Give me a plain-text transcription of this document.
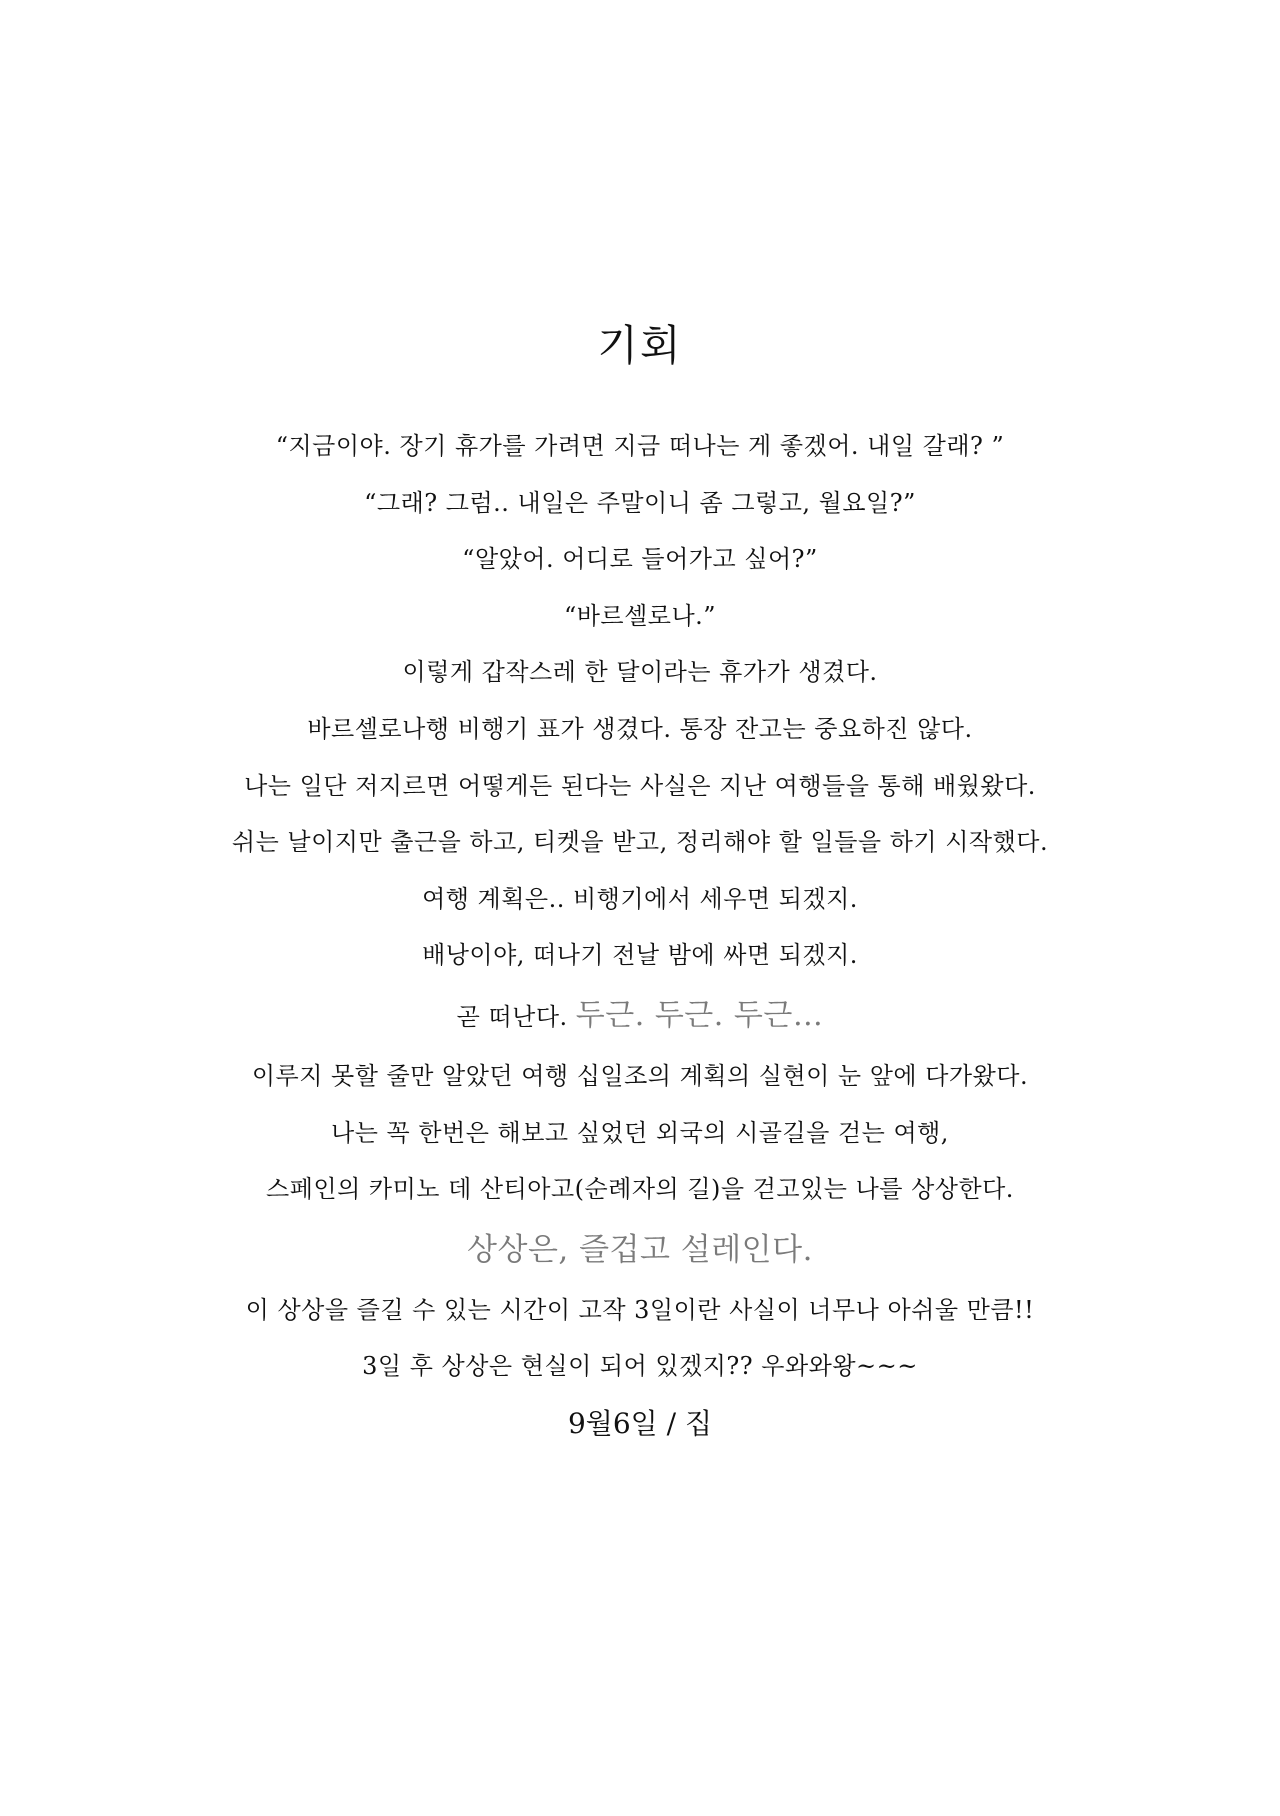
기회
“지금이야. 장기 휴가를 가려면 지금 떠나는 게 좋겠어. 내일 갈래? ”
“그래? 그럼.. 내일은 주말이니 좀 그렇고, 월요일?”
“알았어. 어디로 들어가고 싶어?”
“바르셀로나.”
이렇게 갑작스레 한 달이라는 휴가가 생겼다.
바르셀로나행 비행기 표가 생겼다. 통장 잔고는 중요하진 않다.
나는 일단 저지르면 어떻게든 된다는 사실은 지난 여행들을 통해 배웠왔다.
쉬는 날이지만 출근을 하고, 티켓을 받고, 정리해야 할 일들을 하기 시작했다.
여행 계획은.. 비행기에서 세우면 되겠지.
배낭이야, 떠나기 전날 밤에 싸면 되겠지.
곧 떠난다. 두근. 두근. 두근…
이루지 못할 줄만 알았던 여행 십일조의 계획의 실현이 눈 앞에 다가왔다.
나는 꼭 한번은 해보고 싶었던 외국의 시골길을 걷는 여행,
스페인의 카미노 데 산티아고(순례자의 길)을 걷고있는 나를 상상한다.
상상은, 즐겁고 설레인다.
이 상상을 즐길 수 있는 시간이 고작 3일이란 사실이 너무나 아쉬울 만큼!!
3일 후 상상은 현실이 되어 있겠지?? 우와와왕~~~
9월6일 / 집
